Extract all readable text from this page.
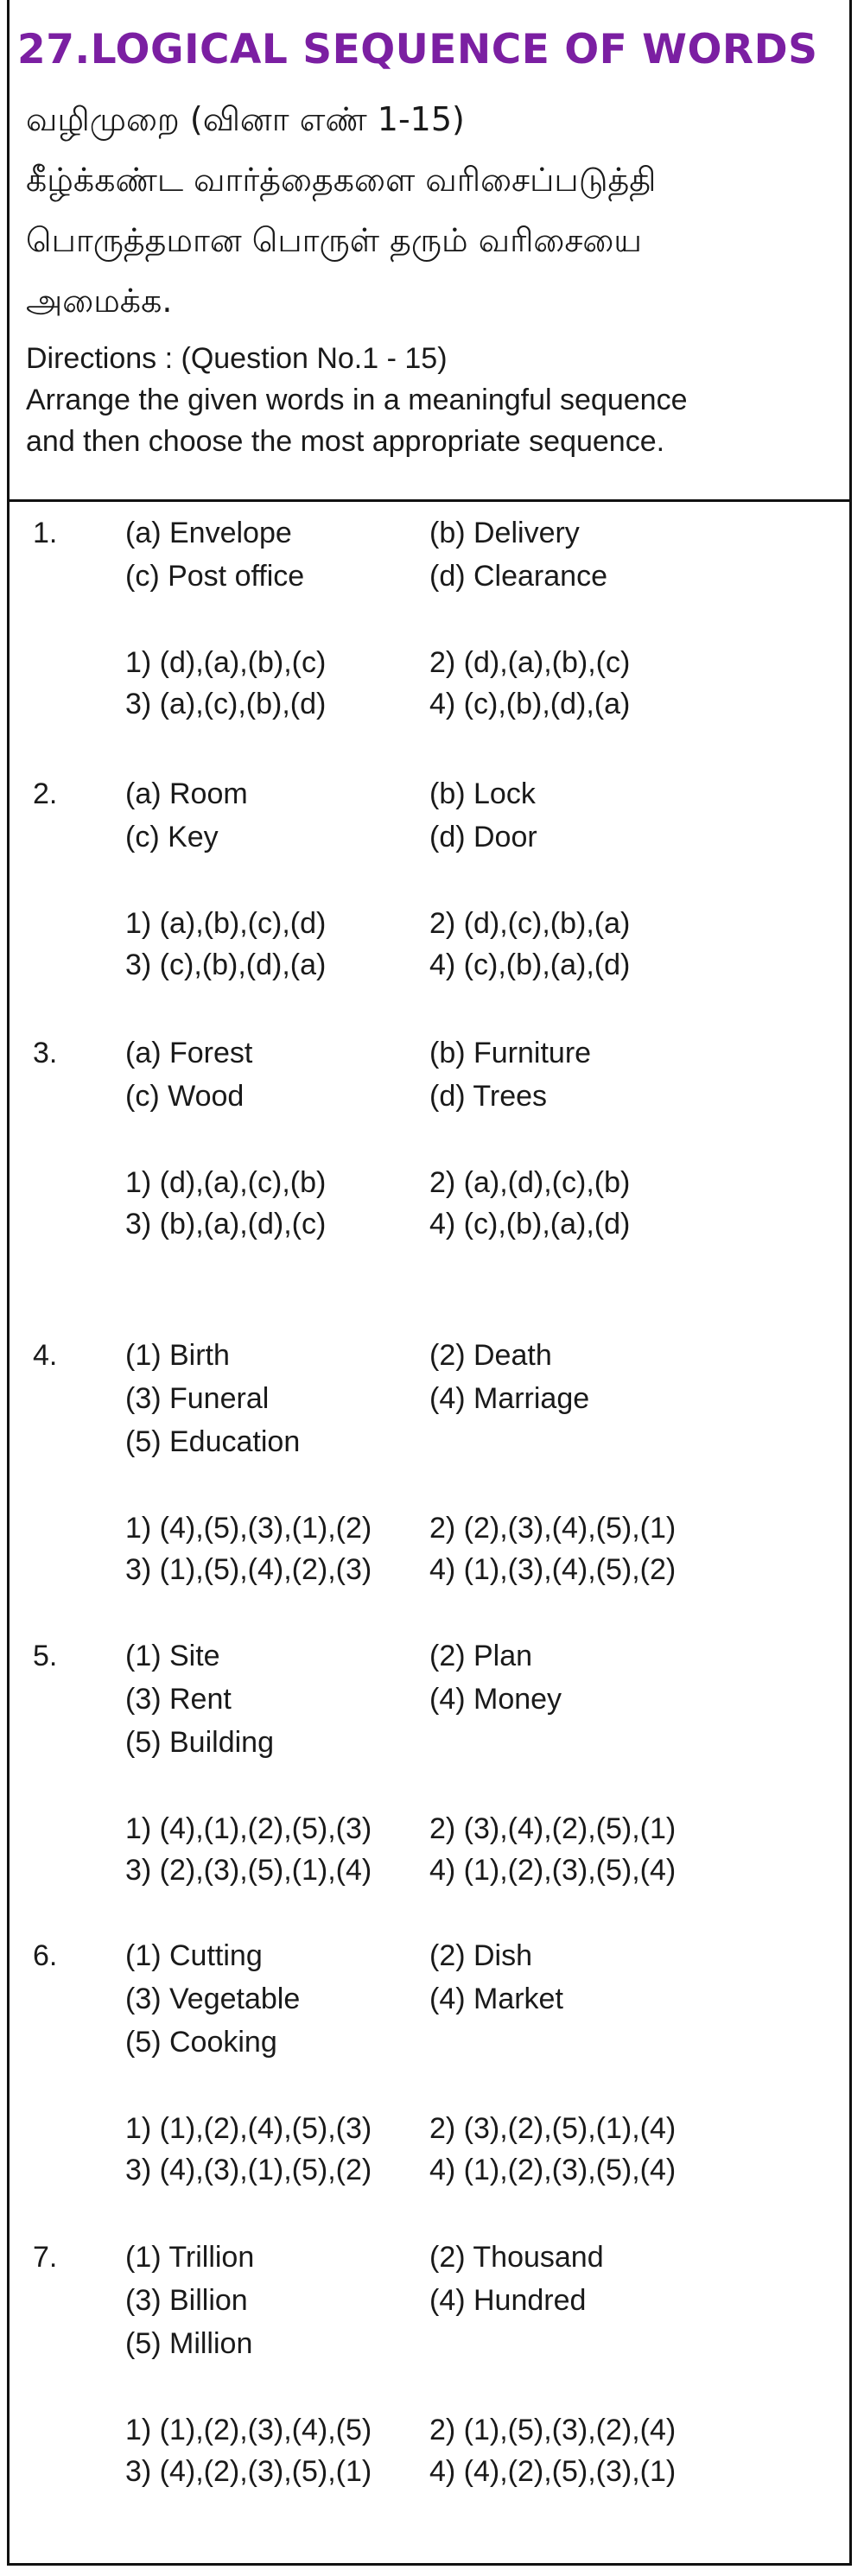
27.LOGICAL SEQUENCE OF WORDS
வழிமுறை (வினா எண் 1-15)
கீழ்க்கண்ட வார்த்தைகளை வரிசைப்படுத்தி
பொருத்தமான பொருள் தரும் வரிசையை
அமைக்க.
Directions : (Question No.1 - 15)
Arrange the given words in a meaningful sequence
and then choose the most appropriate sequence.
1. (a) Envelope	(b) Delivery
(c) Post office	(d) Clearance
1) (d),(a),(b),(c)	2) (d),(a),(b),(c)
3) (a),(c),(b),(d)	4) (c),(b),(d),(a)
2. (a) Room	(b) Lock
(c) Key	(d) Door
1) (a),(b),(c),(d)	2) (d),(c),(b),(a)
3) (c),(b),(d),(a)	4) (c),(b),(a),(d)
3. (a) Forest	(b) Furniture
(c) Wood	(d) Trees
1) (d),(a),(c),(b)	2) (a),(d),(c),(b)
3) (b),(a),(d),(c)	4) (c),(b),(a),(d)
4. (1) Birth	(2) Death
(3) Funeral	(4) Marriage
(5) Education
1) (4),(5),(3),(1),(2) 2) (2),(3),(4),(5),(1)
3) (1),(5),(4),(2),(3) 4) (1),(3),(4),(5),(2)
5. (1) Site	(2) Plan
(3) Rent	(4) Money
(5) Building
1) (4),(1),(2),(5),(3) 2) (3),(4),(2),(5),(1)
3) (2),(3),(5),(1),(4) 4) (1),(2),(3),(5),(4)
6. (1) Cutting	(2) Dish
(3) Vegetable	(4) Market
(5) Cooking
1) (1),(2),(4),(5),(3) 2) (3),(2),(5),(1),(4)
3) (4),(3),(1),(5),(2) 4) (1),(2),(3),(5),(4)
7. (1) Trillion	(2) Thousand
(3) Billion	(4) Hundred
(5) Million
1) (1),(2),(3),(4),(5) 2) (1),(5),(3),(2),(4)
3) (4),(2),(3),(5),(1) 4) (4),(2),(5),(3),(1)
